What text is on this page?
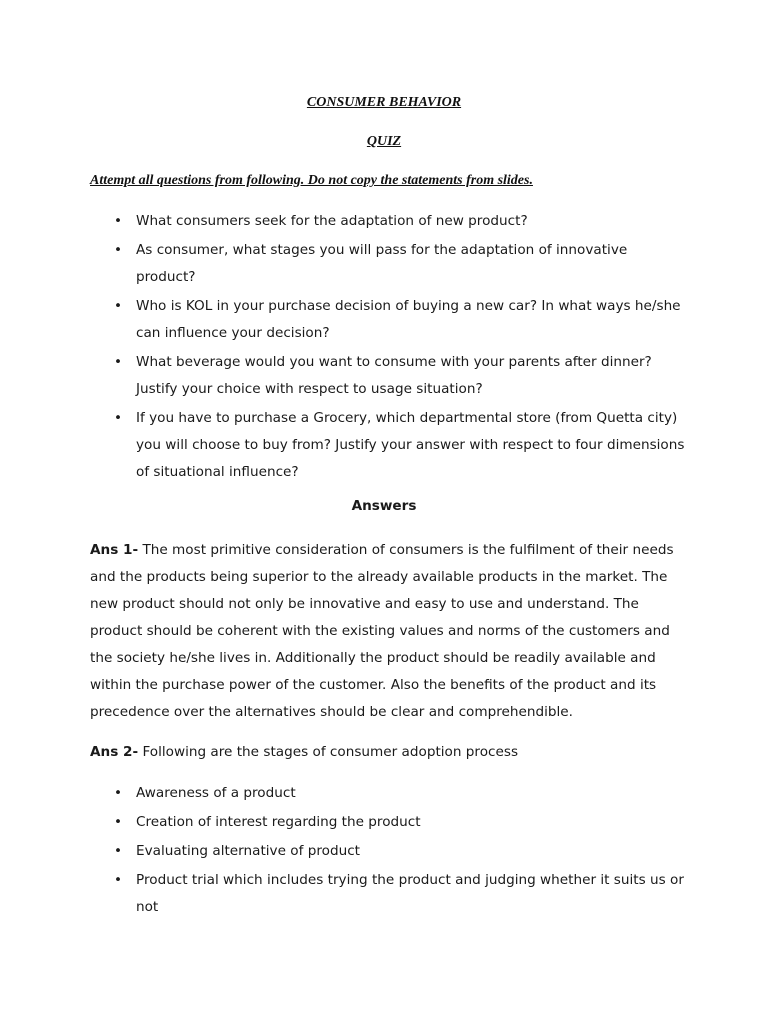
CONSUMER BEHAVIOR
QUIZ
Attempt all questions from following. Do not copy the statements from slides.
• What consumers seek for the adaptation of new product?
• As consumer, what stages you will pass for the adaptation of innovative product?
• Who is KOL in your purchase decision of buying a new car? In what ways he/she can influence your decision?
• What beverage would you want to consume with your parents after dinner? Justify your choice with respect to usage situation?
• If you have to purchase a Grocery, which departmental store (from Quetta city) you will choose to buy from? Justify your answer with respect to four dimensions of situational influence?
Answers
Ans 1- The most primitive consideration of consumers is the fulfilment of their needs and the products being superior to the already available products in the market. The new product should not only be innovative and easy to use and understand. The product should be coherent with the existing values and norms of the customers and the society he/she lives in. Additionally the product should be readily available and within the purchase power of the customer. Also the benefits of the product and its precedence over the alternatives should be clear and comprehendible.
Ans 2- Following are the stages of consumer adoption process
• Awareness of a product
• Creation of interest regarding the product
• Evaluating alternative of product
• Product trial which includes trying the product and judging whether it suits us or not
